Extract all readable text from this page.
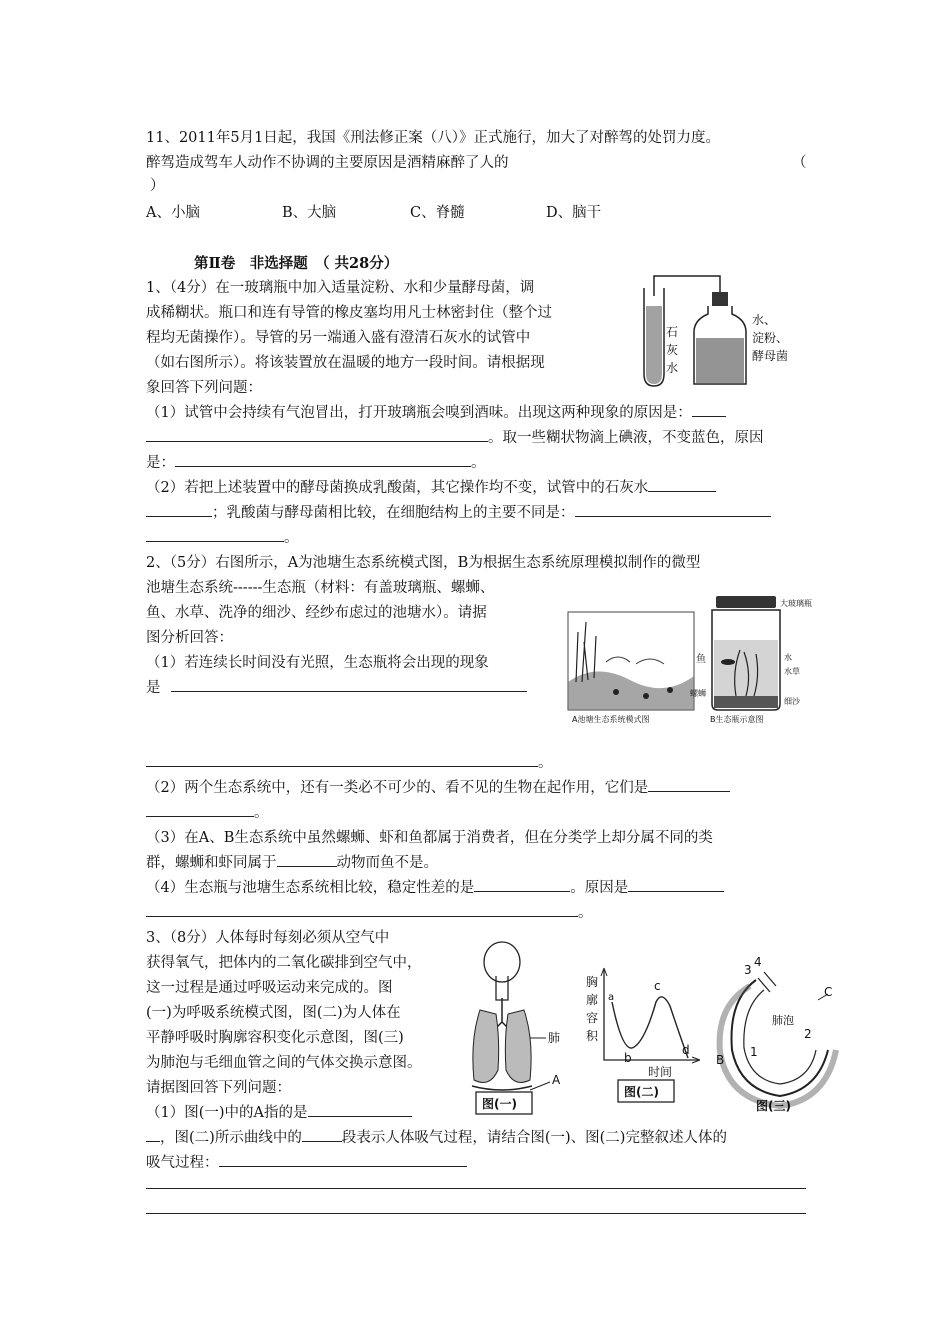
11、2011年5月1日起，我国《刑法修正案（八）》正式施行，加大了对醉驾的处罚力度。
醉驾造成驾车人动作不协调的主要原因是酒精麻醉了人的	（
）
A、小脑	B、大脑	C、脊髓	D、脑干
第Ⅱ卷　非选择题　（ 共28分）
1、（4分）在一玻璃瓶中加入适量淀粉、水和少量酵母菌，调
成稀糊状。瓶口和连有导管的橡皮塞均用凡士林密封住（整个过
程均无菌操作）。导管的另一端通入盛有澄清石灰水的试管中
（如右图所示）。将该装置放在温暖的地方一段时间。请根据现
象回答下列问题：
石
灰
水
水、
淀粉、
酵母菌
（1）试管中会持续有气泡冒出，打开玻璃瓶会嗅到酒味。出现这两种现象的原因是：
。取一些糊状物滴上碘液，不变蓝色，原因
是：	。
（2）若把上述装置中的酵母菌换成乳酸菌，其它操作均不变，试管中的石灰水
；乳酸菌与酵母菌相比较，在细胞结构上的主要不同是：
。
2、（5分）右图所示，A为池塘生态系统模式图，B为根据生态系统原理模拟制作的微型
池塘生态系统------生态瓶（材料：有盖玻璃瓶、螺蛳、
鱼、水草、洗净的细沙、经纱布虑过的池塘水）。请据
图分析回答：
（1）若连续长时间没有光照，生态瓶将会出现的现象
是
A池塘生态系统模式图	B生态瓶示意图
大玻璃瓶
鱼	水
水草
螺蛳
细沙
。
（2）两个生态系统中，还有一类必不可少的、看不见的生物在起作用，它们是
。
（3）在A、B生态系统中虽然螺蛳、虾和鱼都属于消费者，但在分类学上却分属不同的类
群，螺蛳和虾同属于	动物而鱼不是。
（4）生态瓶与池塘生态系统相比较，稳定性差的是	。原因是
。
3、（8分）人体每时每刻必须从空气中
获得氧气，把体内的二氧化碳排到空气中，
这一过程是通过呼吸运动来完成的。图
(一)为呼吸系统模式图，图(二)为人体在
平静呼吸时胸廓容积变化示意图，图(三)
为肺泡与毛细血管之间的气体交换示意图。
请据图回答下列问题：
肺
A
图(一)
胸
廓
容
积
a
b
c
d
时间
图(二)
3
4
肺泡
B
1
2
C
图(三)
（1）图(一)中的A指的是
，图(二)所示曲线中的	段表示人体吸气过程，请结合图(一)、图(二)完整叙述人体的
吸气过程：
